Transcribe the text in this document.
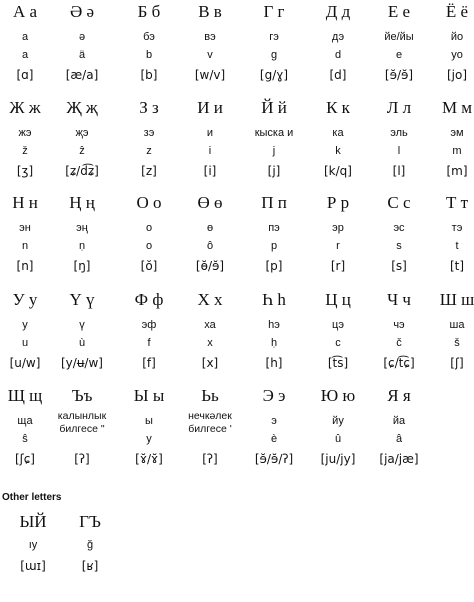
А а
а
a
[ɑ]
Ә ә
ә
ä
[æ/a]
Б б
бэ
b
[b]
В в
вэ
v
[w/v]
Г г
гэ
g
[g/ɣ]
Д д
дэ
d
[d]
Е е
йе/йы
e
[ɘ̆/ɘ̆]
Ё ё
йо
yo
[jo]
Ж ж
жэ
ž
[ʒ]
Җ җ
җэ
ẑ
[ʑ/d͡ʑ]
З з
зэ
z
[z]
И и
и
i
[i]
Й й
кыска и
j
[j]
К к
ка
k
[k/q]
Л л
эль
l
[l]
М м
эм
m
[m]
Н н
эн
n
[n]
Ң ң
эң
ṇ
[ŋ]
О о
о
o
[ŏ]
Ө ө
ө
ô
[ɵ̆/ɘ̆]
П п
пэ
p
[p]
Р р
эр
r
[r]
С с
эс
s
[s]
Т т
тэ
t
[t]
У у
у
u
[u/w]
Ү ү
ү
ù
[y/ʉ/w]
Ф ф
эф
f
[f]
Х х
ха
x
[x]
Һ һ
һэ
ḥ
[h]
Ц ц
цэ
c
[t͡s]
Ч ч
чэ
č
[ɕ/t͡ɕ]
Ш ш
ша
š
[ʃ]
Щ щ
ща
ŝ
[ʃɕ]
Ъъ
калынлык билгесе "
[ʔ]
Ы ы
ы
y
[ɤ̆/ɤ̆]
Ьь
нечкәлек билгесе '
[ʔ]
Э э
э
è
[ɘ̆/ɘ̆/ʔ]
Ю ю
йу
û
[ju/jy]
Я я
йа
â
[ja/jæ]
ЫЙ
ıy
[ɯɪ]
ГЪ
ğ
[ʁ]
Other letters
